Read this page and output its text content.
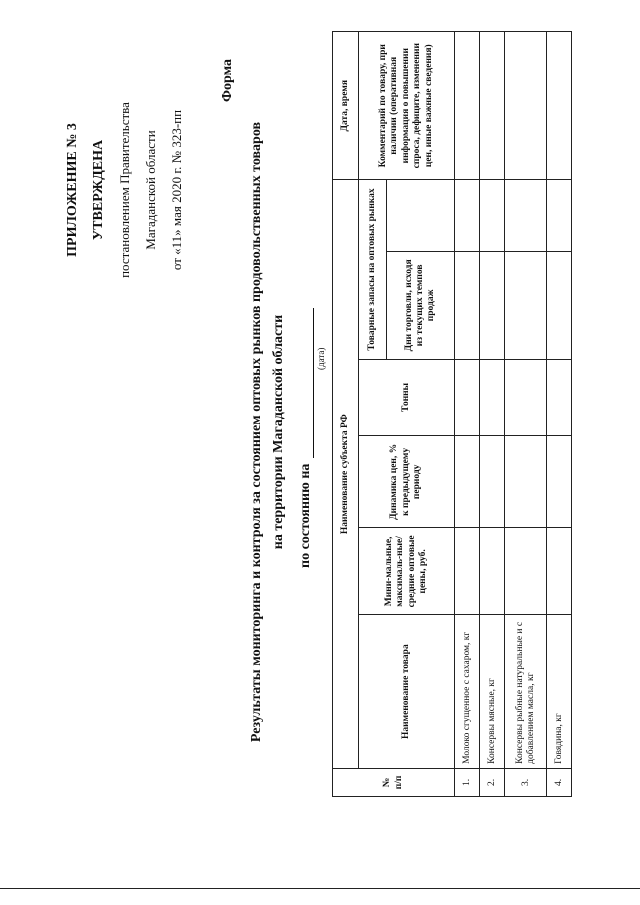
ПРИЛОЖЕНИЕ № 3 УТВЕРЖДЕНА постановлением Правительства Магаданской области от «11» мая 2020 г. № 323-пп
Форма
Результаты мониторинга и контроля за состоянием оптовых рынков продовольственных товаров на территории Магаданской области по состоянию на
(дата)
№ п/п	Наименование субъекта РФ						Дата, время
	Наименование товара	Мини-мальные, максималь-ные/средние оптовые цены, руб.	Динамика цен, % к предыдущему периоду	Тонны	Товарные запасы на оптовых рынках		Комментарий по товару, при наличии (оперативная информация о повышении спроса, дефиците, изменении цен, иные важные сведения)
					Дни торговли, исходя из текущих темпов продаж		
1.	Молоко сгущенное с сахаром, кг						
2.	Консервы мясные, кг						
3.	Консервы рыбные натуральные и с добавлением масла, кг						
4.	Говядина, кг						
